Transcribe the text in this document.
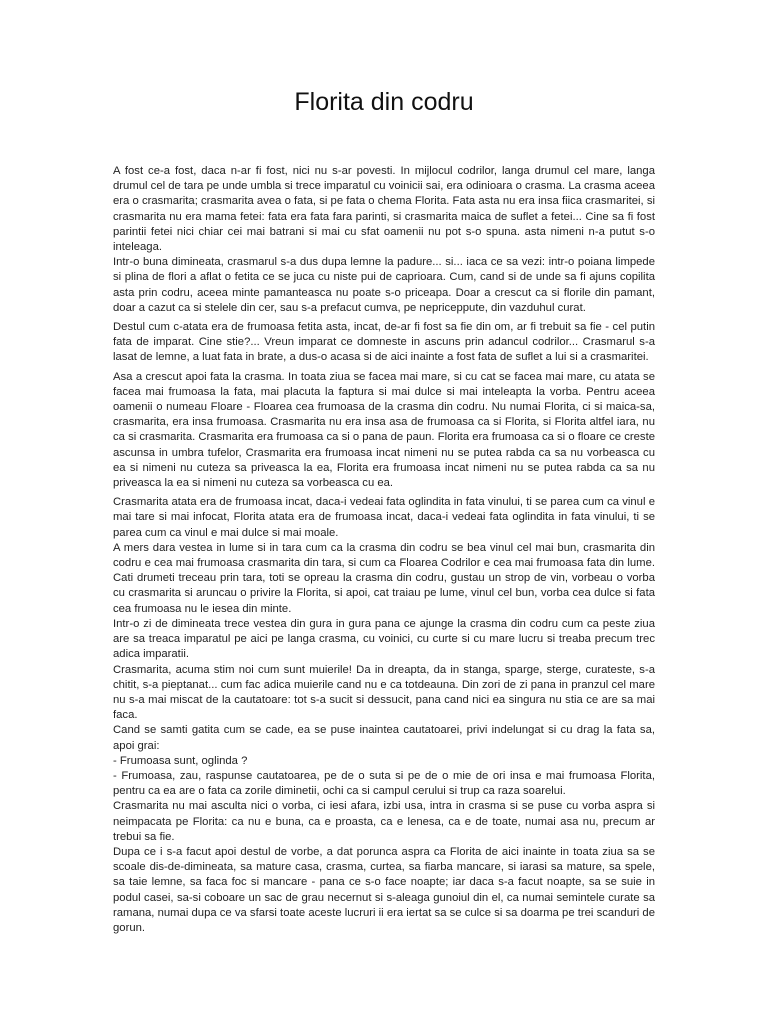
Florita din codru

A fost ce-a fost, daca n-ar fi fost, nici nu s-ar povesti. In mijlocul codrilor, langa drumul cel mare, langa drumul cel de tara pe unde umbla si trece imparatul cu voinicii sai, era odinioara o crasma. La crasma aceea era o crasmarita; crasmarita avea o fata, si pe fata o chema Florita. Fata asta nu era insa fiica crasmaritei, si crasmarita nu era mama fetei: fata era fata fara parinti, si crasmarita maica de suflet a fetei... Cine sa fi fost parintii fetei nici chiar cei mai batrani si mai cu sfat oamenii nu pot s-o spuna. asta nimeni n-a putut s-o inteleaga.
Intr-o buna dimineata, crasmarul s-a dus dupa lemne la padure... si... iaca ce sa vezi: intr-o poiana limpede si plina de flori a aflat o fetita ce se juca cu niste pui de caprioara. Cum, cand si de unde sa fi ajuns copilita asta prin codru, aceea minte pamanteasca nu poate s-o priceapa. Doar a crescut ca si florile din pamant, doar a cazut ca si stelele din cer, sau s-a prefacut cumva, pe nepriceppute, din vazduhul curat.

Destul cum c-atata era de frumoasa fetita asta, incat, de-ar fi fost sa fie din om, ar fi trebuit sa fie - cel putin fata de imparat. Cine stie?... Vreun imparat ce domneste in ascuns prin adancul codrilor... Crasmarul s-a lasat de lemne, a luat fata in brate, a dus-o acasa si de aici inainte a fost fata de suflet a lui si a crasmaritei.

Asa a crescut apoi fata la crasma. In toata ziua se facea mai mare, si cu cat se facea mai mare, cu atata se facea mai frumoasa la fata, mai placuta la faptura si mai dulce si mai inteleapta la vorba. Pentru aceea oamenii o numeau Floare - Floarea cea frumoasa de la crasma din codru. Nu numai Florita, ci si maica-sa, crasmarita, era insa frumoasa. Crasmarita nu era insa asa de frumoasa ca si Florita, si Florita altfel iara, nu ca si crasmarita. Crasmarita era frumoasa ca si o pana de paun. Florita era frumoasa ca si o floare ce creste ascunsa in umbra tufelor, Crasmarita era frumoasa incat nimeni nu se putea rabda ca sa nu vorbeasca cu ea si nimeni nu cuteza sa priveasca la ea, Florita era frumoasa incat nimeni nu se putea rabda ca sa nu priveasca la ea si nimeni nu cuteza sa vorbeasca cu ea.

Crasmarita atata era de frumoasa incat, daca-i vedeai fata oglindita in fata vinului, ti se parea cum ca vinul e mai tare si mai infocat, Florita atata era de frumoasa incat, daca-i vedeai fata oglindita in fata vinului, ti se parea cum ca vinul e mai dulce si mai moale.
A mers dara vestea in lume si in tara cum ca la crasma din codru se bea vinul cel mai bun, crasmarita din codru e cea mai frumoasa crasmarita din tara, si cum ca Floarea Codrilor e cea mai frumoasa fata din lume. Cati drumeti treceau prin tara, toti se opreau la crasma din codru, gustau un strop de vin, vorbeau o vorba cu crasmarita si aruncau o privire la Florita, si apoi, cat traiau pe lume, vinul cel bun, vorba cea dulce si fata cea frumoasa nu le iesea din minte.
Intr-o zi de dimineata trece vestea din gura in gura pana ce ajunge la crasma din codru cum ca peste ziua are sa treaca imparatul pe aici pe langa crasma, cu voinici, cu curte si cu mare lucru si treaba precum trec adica imparatii.
Crasmarita, acuma stim noi cum sunt muierile! Da in dreapta, da in stanga, sparge, sterge, curateste, s-a chitit, s-a pieptanat... cum fac adica muierile cand nu e ca totdeauna. Din zori de zi pana in pranzul cel mare nu s-a mai miscat de la cautatoare: tot s-a sucit si dessucit, pana cand nici ea singura nu stia ce are sa mai faca.
Cand se samti gatita cum se cade, ea se puse inaintea cautatoarei, privi indelungat si cu drag la fata sa, apoi grai:
- Frumoasa sunt, oglinda ?
- Frumoasa, zau, raspunse cautatoarea, pe de o suta si pe de o mie de ori insa e mai frumoasa Florita, pentru ca ea are o fata ca zorile diminetii, ochi ca si campul cerului si trup ca raza soarelui.
Crasmarita nu mai asculta nici o vorba, ci iesi afara, izbi usa, intra in crasma si se puse cu vorba aspra si neimpacata pe Florita: ca nu e buna, ca e proasta, ca e lenesa, ca e de toate, numai asa nu, precum ar trebui sa fie.
Dupa ce i s-a facut apoi destul de vorbe, a dat porunca aspra ca Florita de aici inainte in toata ziua sa se scoale dis-de-dimineata, sa mature casa, crasma, curtea, sa fiarba mancare, si iarasi sa mature, sa spele, sa taie lemne, sa faca foc si mancare - pana ce s-o face noapte; iar daca s-a facut noapte, sa se suie in podul casei, sa-si coboare un sac de grau necernut si s-aleaga gunoiul din el, ca numai semintele curate sa ramana, numai dupa ce va sfarsi toate aceste lucruri ii era iertat sa se culce si sa doarma pe trei scanduri de gorun.
